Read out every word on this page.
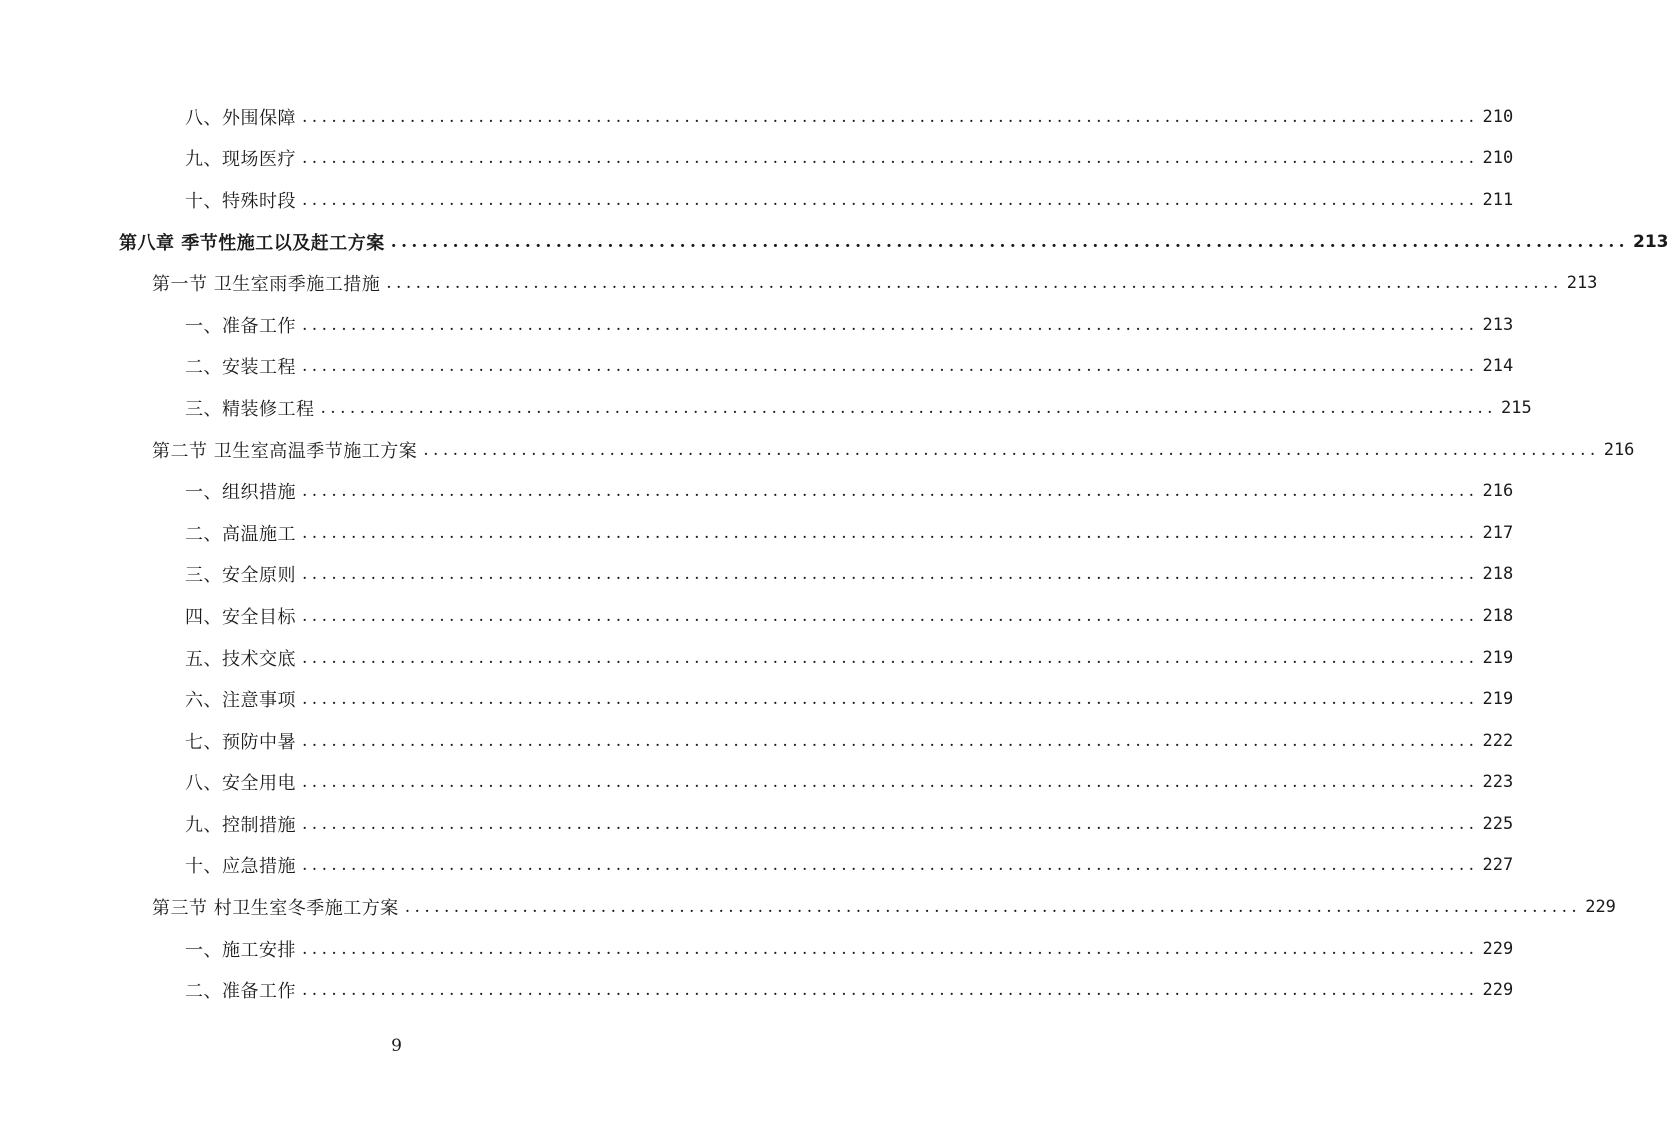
八、外围保障 ........................................................................................................................ 210
九、现场医疗 ........................................................................................................................ 210
十、特殊时段 ........................................................................................................................ 211
第八章 季节性施工以及赶工方案 ........................................................................................................................ 213
第一节 卫生室雨季施工措施 ........................................................................................................................ 213
一、准备工作 ........................................................................................................................ 213
二、安装工程 ........................................................................................................................ 214
三、精装修工程 ........................................................................................................................ 215
第二节 卫生室高温季节施工方案 ........................................................................................................................ 216
一、组织措施 ........................................................................................................................ 216
二、高温施工 ........................................................................................................................ 217
三、安全原则 ........................................................................................................................ 218
四、安全目标 ........................................................................................................................ 218
五、技术交底 ........................................................................................................................ 219
六、注意事项 ........................................................................................................................ 219
七、预防中暑 ........................................................................................................................ 222
八、安全用电 ........................................................................................................................ 223
九、控制措施 ........................................................................................................................ 225
十、应急措施 ........................................................................................................................ 227
第三节 村卫生室冬季施工方案 ........................................................................................................................ 229
一、施工安排 ........................................................................................................................ 229
二、准备工作 ........................................................................................................................ 229
9
